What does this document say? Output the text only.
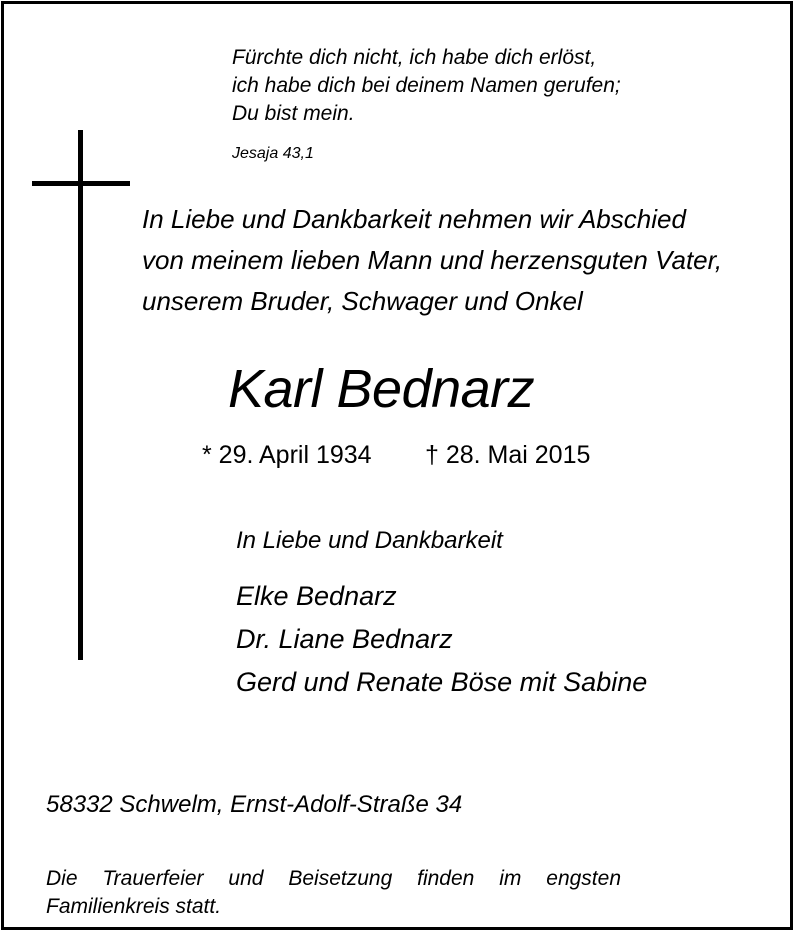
Fürchte dich nicht, ich habe dich erlöst,
ich habe dich bei deinem Namen gerufen;
Du bist mein.
Jesaja 43,1
In Liebe und Dankbarkeit nehmen wir Abschied
von meinem lieben Mann und herzensguten Vater,
unserem Bruder, Schwager und Onkel
Karl Bednarz
* 29. April 1934 † 28. Mai 2015
In Liebe und Dankbarkeit
Elke Bednarz
Dr. Liane Bednarz
Gerd und Renate Böse mit Sabine
58332 Schwelm, Ernst-Adolf-Straße 34
Die Trauerfeier und Beisetzung finden im engsten
Familienkreis statt.
